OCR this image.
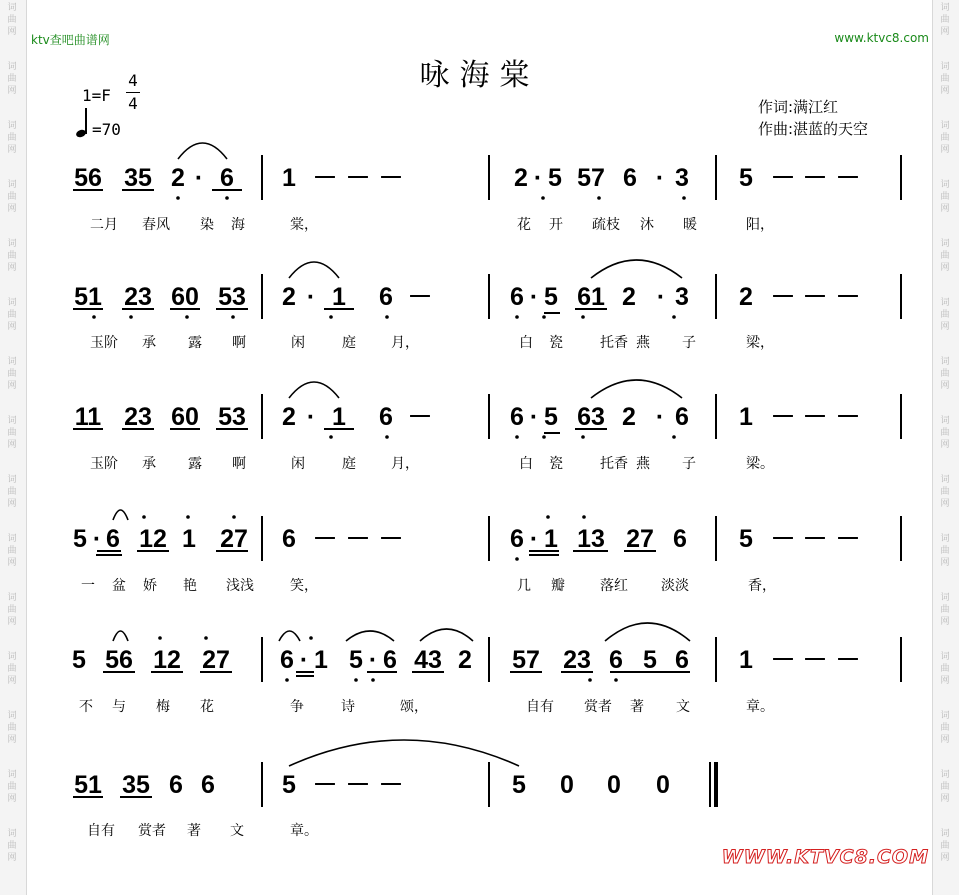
词曲网
词曲网
词曲网
词曲网
词曲网
词曲网
词曲网
词曲网
词曲网
词曲网
词曲网
词曲网
词曲网
词曲网
词曲网
词曲网
词曲网
词曲网
词曲网
词曲网
词曲网
词曲网
词曲网
词曲网
词曲网
词曲网
词曲网
词曲网
词曲网
词曲网
ktv查吧曲谱网	www.ktvc8.com
咏海棠
1=F
4
4
=70
作词:满江红
作曲:湛蓝的天空
56 35 2 · 6 1 － － －	2 · 5 57 6 · 3 5 － － －
二月 春风 染 海	棠，	花 开 疏枝 沐 暖	阳，
51 23 60 53 2 · 1 6 －	6 · 5 61 2 · 3 2 － － －
玉阶 承 露 啊	闲	庭	月，	白 瓷	托香 燕 子	梁，
11 23 60 53 2 · 1 6 －	6 · 5 63 2 · 6 1 － － －
玉阶 承 露 啊	闲	庭	月，	白 瓷	托香 燕 子	梁。
5 · 6 12 1 27 6 － － －	6 · 1 13 27 6 5 － － －
一 盆 娇 艳 浅浅	笑，	几 瓣	落红 淡淡	香，
5 56 12 27 6 · 1 5 · 6 43 2 57 23 6 5 6 1 － － －
不 与 梅 花	争	诗	颂，	自有 赏者 著 文	章。
51 35 6 6	5 － － －	5 0 0 0
自有 赏者 著 文	章。
WWW.KTVC8.COM
